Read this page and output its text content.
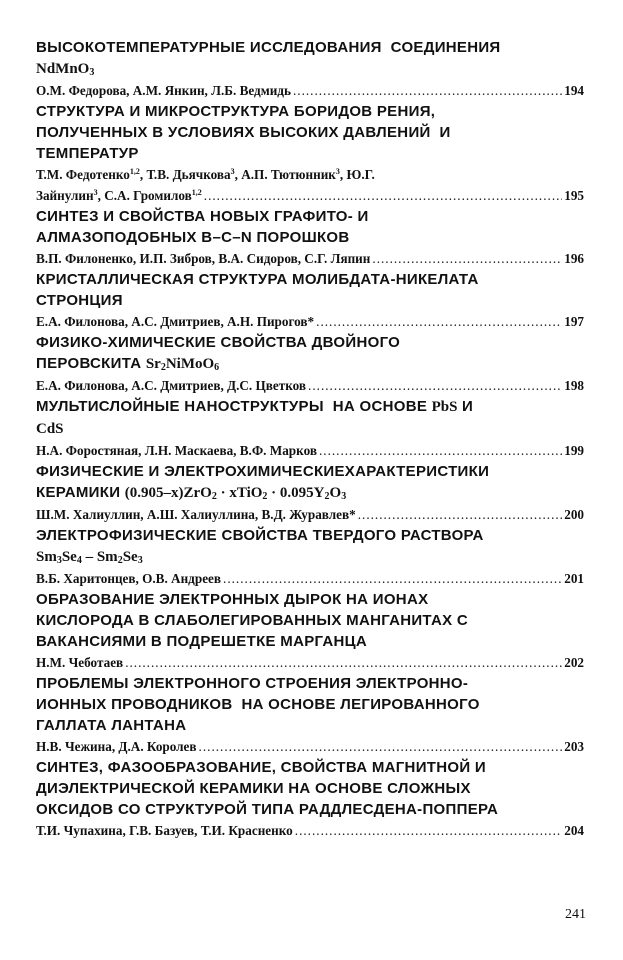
ВЫСОКОТЕМПЕРАТУРНЫЕ ИССЛЕДОВАНИЯ  СОЕДИНЕНИЯ
NdMnO$_3$
О.М. Федорова, А.М. Янкин, Л.Б. Ведмидь .....	194
СТРУКТУРА И МИКРОСТРУКТУРА БОРИДОВ РЕНИЯ,
ПОЛУЧЕННЫХ В УСЛОВИЯХ ВЫСОКИХ ДАВЛЕНИЙ  И
ТЕМПЕРАТУР
Т.М. Федотенко$^{1,2}$, Т.В. Дьячкова$^3$, А.П. Тютюнник$^3$, Ю.Г.
Зайнулин$^3$, С.А. Громилов$^{1,2}$ .....	195
СИНТЕЗ И СВОЙСТВА НОВЫХ ГРАФИТО- И
АЛМАЗОПОДОБНЫХ B–C–N ПОРОШКОВ
В.П. Филоненко, И.П. Зибров, В.А. Сидоров, С.Г. Ляпин .....	196
КРИСТАЛЛИЧЕСКАЯ СТРУКТУРА МОЛИБДАТА-НИКЕЛАТА
СТРОНЦИЯ
Е.А. Филонова, А.С. Дмитриев, А.Н. Пирогов* .....	197
ФИЗИКО-ХИМИЧЕСКИЕ СВОЙСТВА ДВОЙНОГО
ПЕРОВСКИТА $Sr_2NiMoO_6$
Е.А. Филонова, А.С. Дмитриев, Д.С. Цветков .....	198
МУЛЬТИСЛОЙНЫЕ НАНОСТРУКТУРЫ  НА ОСНОВЕ PbS И
CdS
Н.А. Форостяная, Л.Н. Маскаева, В.Ф. Марков .....	199
ФИЗИЧЕСКИЕ И ЭЛЕКТРОХИМИЧЕСКИЕХАРАКТЕРИСТИКИ
КЕРАМИКИ (0.905–x)ZrO$_2$ · xTiO$_2$ · $0.095Y_2O_3$
Ш.М. Халиуллин, А.Ш. Халиуллина, В.Д. Журавлев* .....	200
ЭЛЕКТРОФИЗИЧЕСКИЕ СВОЙСТВА ТВЕРДОГО РАСТВОРА
$Sm_3Se_4 - Sm_2Se_3$
В.Б. Харитонцев, О.В. Андреев .....	201
ОБРАЗОВАНИЕ ЭЛЕКТРОННЫХ ДЫРОК НА ИОНАХ
КИСЛОРОДА В СЛАБОЛЕГИРОВАННЫХ МАНГАНИТАХ С
ВАКАНСИЯМИ В ПОДРЕШЕТКЕ МАРГАНЦА
Н.М. Чеботаев .....	202
ПРОБЛЕМЫ ЭЛЕКТРОННОГО СТРОЕНИЯ ЭЛЕКТРОННО-
ИОННЫХ ПРОВОДНИКОВ  НА ОСНОВЕ ЛЕГИРОВАННОГО
ГАЛЛАТА ЛАНТАНА
Н.В. Чежина, Д.А. Королев .....	203
СИНТЕЗ, ФАЗООБРАЗОВАНИЕ, СВОЙСТВА МАГНИТНОЙ И
ДИЭЛЕКТРИЧЕСКОЙ КЕРАМИКИ НА ОСНОВЕ СЛОЖНЫХ
ОКСИДОВ СО СТРУКТУРОЙ ТИПА РАДДЛЕСДЕНА-ПОППЕРА
Т.И. Чупахина, Г.В. Базуев, Т.И. Красненко .....	204
241
